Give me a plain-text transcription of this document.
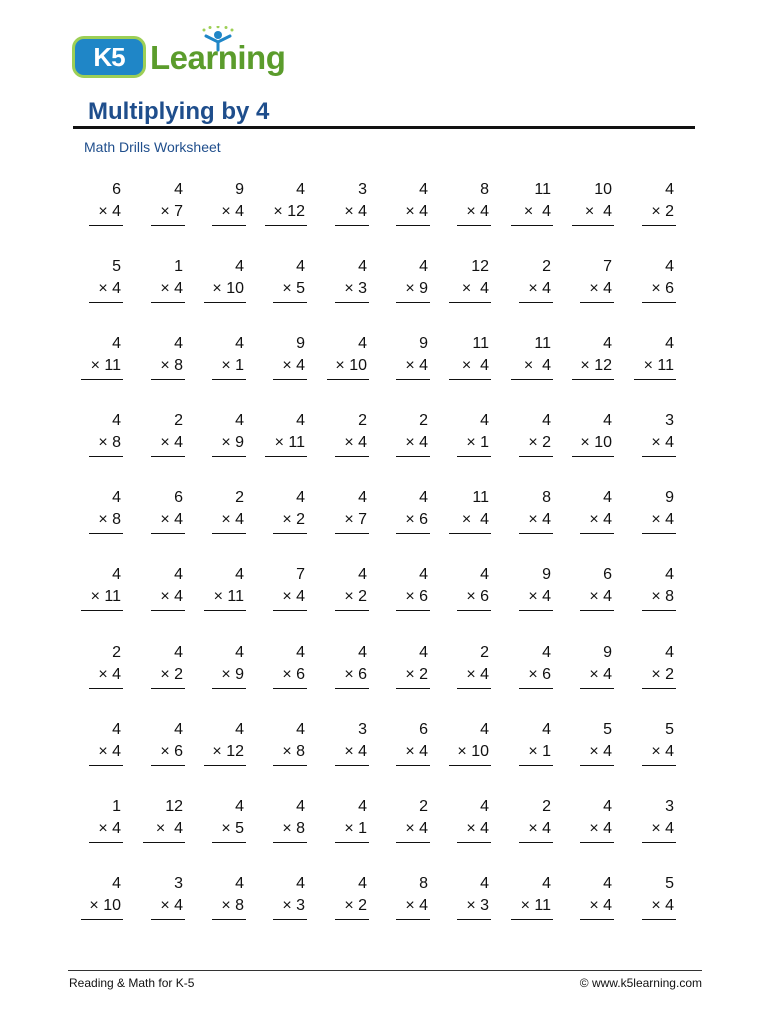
K5 Learning
Multiplying by 4
Math Drills Worksheet
6
× 4
4
× 7
9
× 4
4
× 12
3
× 4
4
× 4
8
× 4
11
×  4
10
×  4
4
× 2
5
× 4
1
× 4
4
× 10
4
× 5
4
× 3
4
× 9
12
×  4
2
× 4
7
× 4
4
× 6
4
× 11
4
× 8
4
× 1
9
× 4
4
× 10
9
× 4
11
×  4
11
×  4
4
× 12
4
× 11
4
× 8
2
× 4
4
× 9
4
× 11
2
× 4
2
× 4
4
× 1
4
× 2
4
× 10
3
× 4
4
× 8
6
× 4
2
× 4
4
× 2
4
× 7
4
× 6
11
×  4
8
× 4
4
× 4
9
× 4
4
× 11
4
× 4
4
× 11
7
× 4
4
× 2
4
× 6
4
× 6
9
× 4
6
× 4
4
× 8
2
× 4
4
× 2
4
× 9
4
× 6
4
× 6
4
× 2
2
× 4
4
× 6
9
× 4
4
× 2
4
× 4
4
× 6
4
× 12
4
× 8
3
× 4
6
× 4
4
× 10
4
× 1
5
× 4
5
× 4
1
× 4
12
×  4
4
× 5
4
× 8
4
× 1
2
× 4
4
× 4
2
× 4
4
× 4
3
× 4
4
× 10
3
× 4
4
× 8
4
× 3
4
× 2
8
× 4
4
× 3
4
× 11
4
× 4
5
× 4
Reading & Math for K-5	© www.k5learning.com
